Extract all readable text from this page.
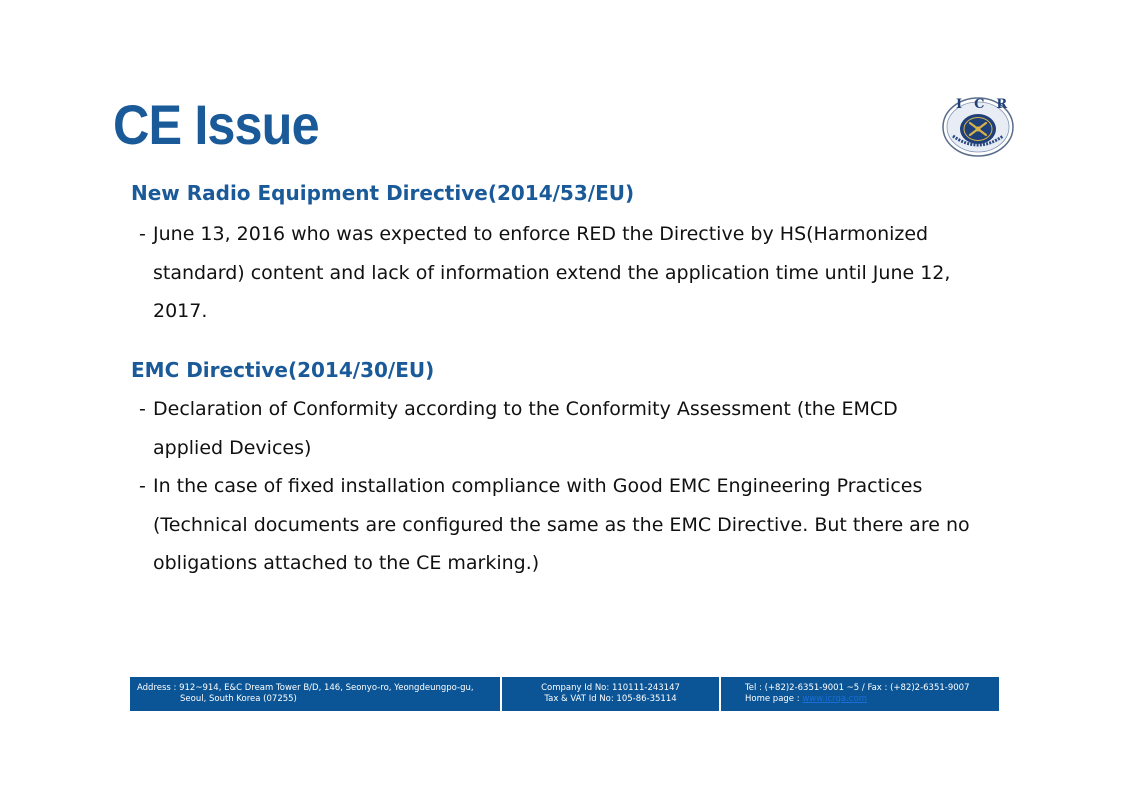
CE Issue	ICR
New Radio Equipment Directive(2014/53/EU)

- June 13, 2016 who was expected to enforce RED the Directive by HS(Harmonized standard) content and lack of information extend the application time until June 12, 2017.

EMC Directive(2014/30/EU)

- Declaration of Conformity according to the Conformity Assessment (the EMCD applied Devices)

- In the case of fixed installation compliance with Good EMC Engineering Practices (Technical documents are configured the same as the EMC Directive. But there are no obligations attached to the CE marking.)

Address : 912~914, E&C Dream Tower B/D, 146, Seonyo-ro, Yeongdeungpo-gu,
Seoul, South Korea (07255)
Company Id No: 110111-243147
Tax & VAT Id No: 105-86-35114
Tel : (+82)2-6351-9001 ~5 / Fax : (+82)2-6351-9007
Home page : www.icrqa.com
